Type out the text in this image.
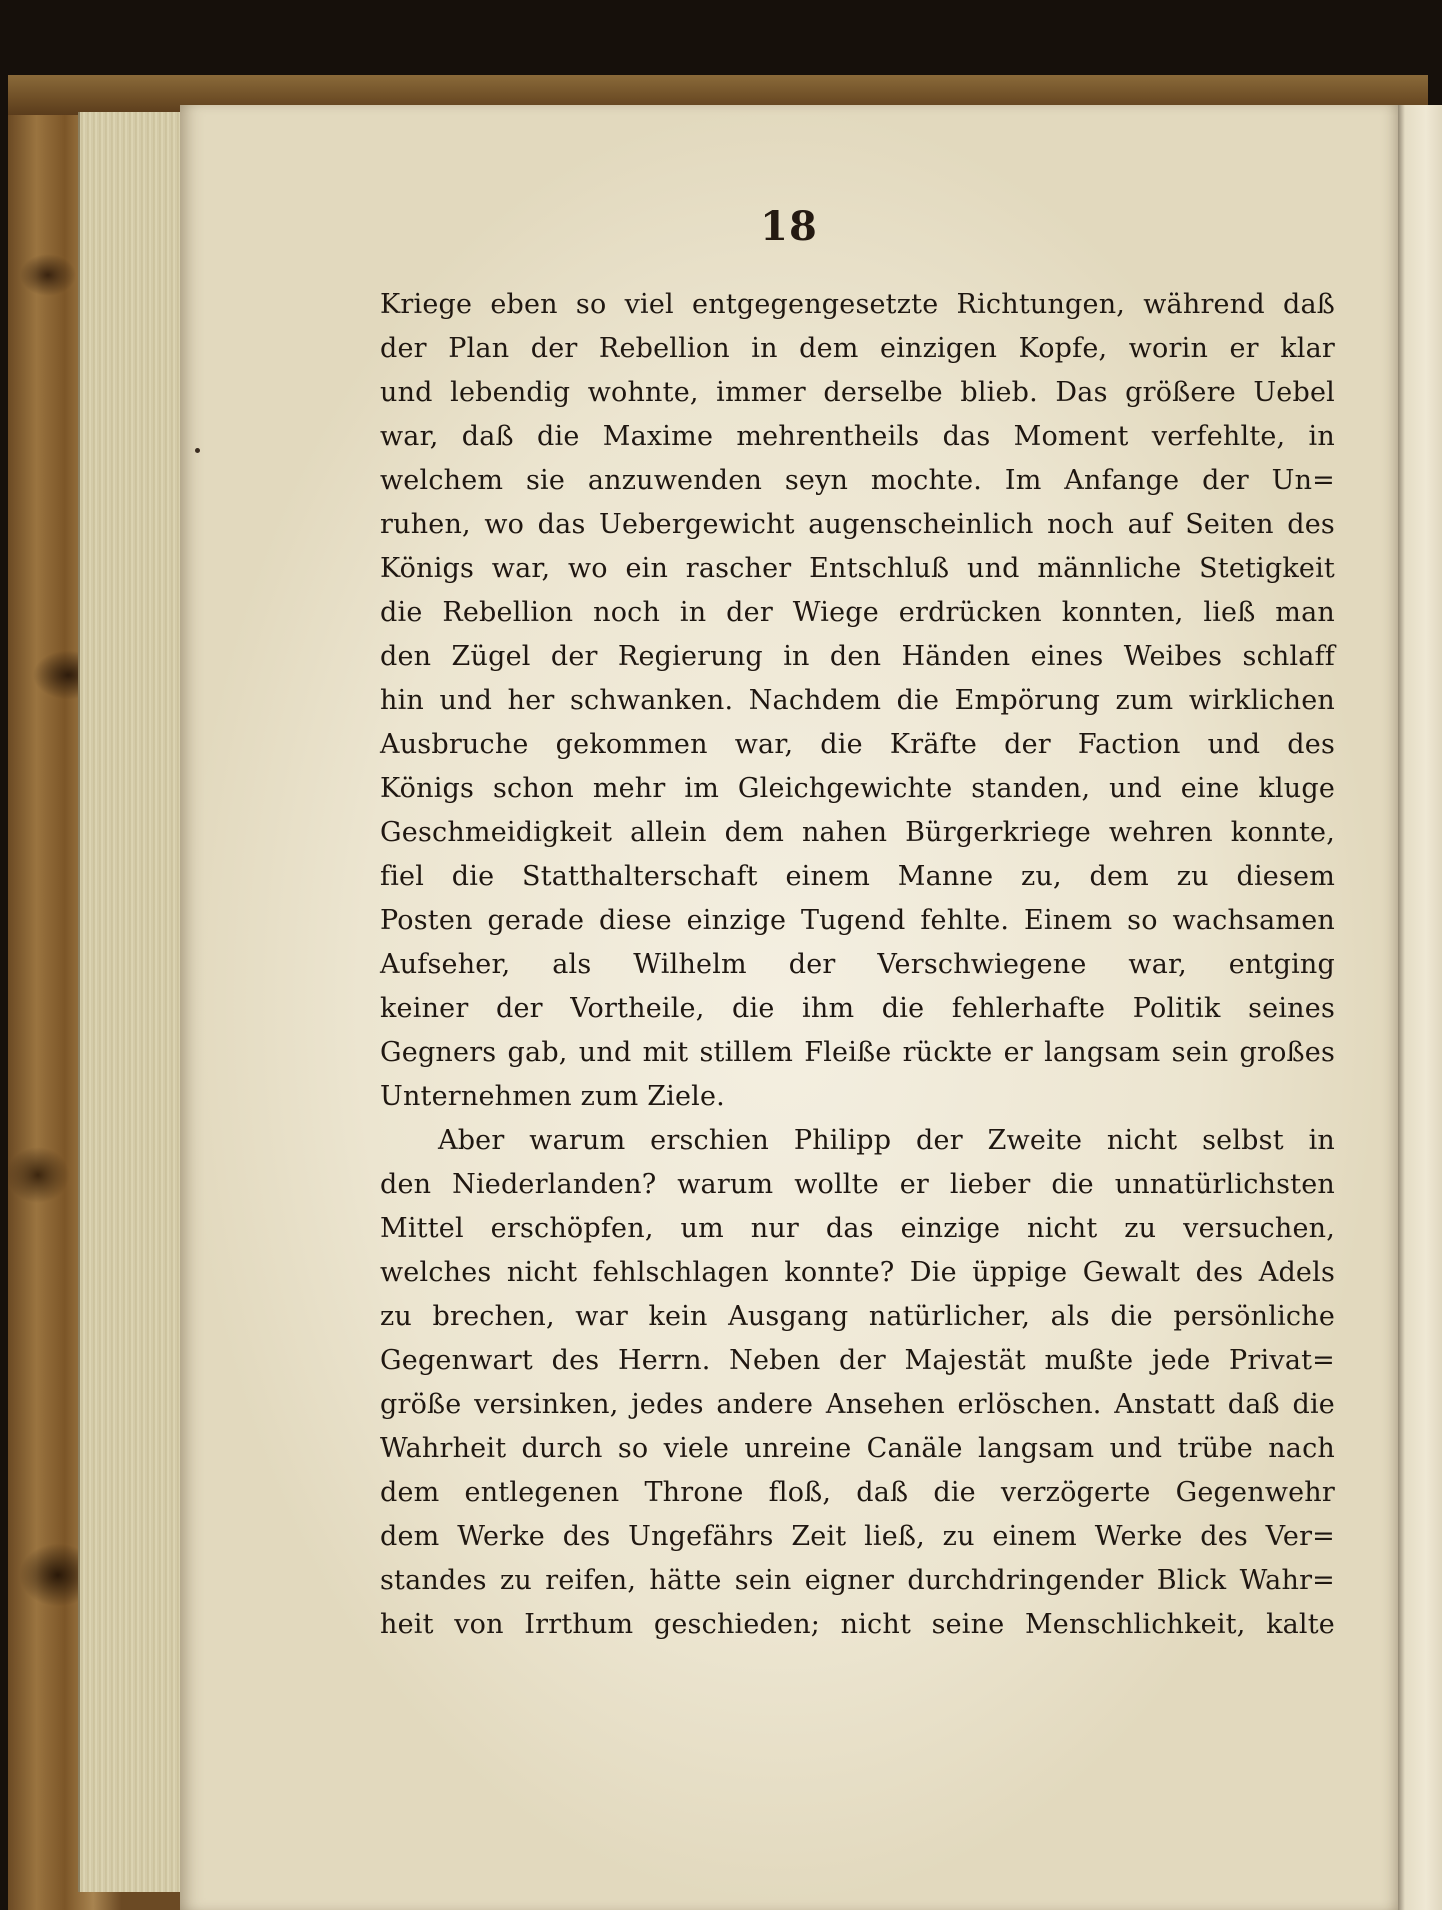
18
Kriege eben so viel entgegengesetzte Richtungen, während daß
der Plan der Rebellion in dem einzigen Kopfe, worin er klar
und lebendig wohnte, immer derselbe blieb. Das größere Uebel
war, daß die Maxime mehrentheils das Moment verfehlte, in
welchem sie anzuwenden seyn mochte. Im Anfange der Un=
ruhen, wo das Uebergewicht augenscheinlich noch auf Seiten des
Königs war, wo ein rascher Entschluß und männliche Stetigkeit
die Rebellion noch in der Wiege erdrücken konnten, ließ man
den Zügel der Regierung in den Händen eines Weibes schlaff
hin und her schwanken. Nachdem die Empörung zum wirklichen
Ausbruche gekommen war, die Kräfte der Faction und des
Königs schon mehr im Gleichgewichte standen, und eine kluge
Geschmeidigkeit allein dem nahen Bürgerkriege wehren konnte,
fiel die Statthalterschaft einem Manne zu, dem zu diesem
Posten gerade diese einzige Tugend fehlte. Einem so wachsamen
Aufseher, als Wilhelm der Verschwiegene war, entging
keiner der Vortheile, die ihm die fehlerhafte Politik seines
Gegners gab, und mit stillem Fleiße rückte er langsam sein großes
Unternehmen zum Ziele.
Aber warum erschien Philipp der Zweite nicht selbst in
den Niederlanden? warum wollte er lieber die unnatürlichsten
Mittel erschöpfen, um nur das einzige nicht zu versuchen,
welches nicht fehlschlagen konnte? Die üppige Gewalt des Adels
zu brechen, war kein Ausgang natürlicher, als die persönliche
Gegenwart des Herrn. Neben der Majestät mußte jede Privat=
größe versinken, jedes andere Ansehen erlöschen. Anstatt daß die
Wahrheit durch so viele unreine Canäle langsam und trübe nach
dem entlegenen Throne floß, daß die verzögerte Gegenwehr
dem Werke des Ungefährs Zeit ließ, zu einem Werke des Ver=
standes zu reifen, hätte sein eigner durchdringender Blick Wahr=
heit von Irrthum geschieden; nicht seine Menschlichkeit, kalte
